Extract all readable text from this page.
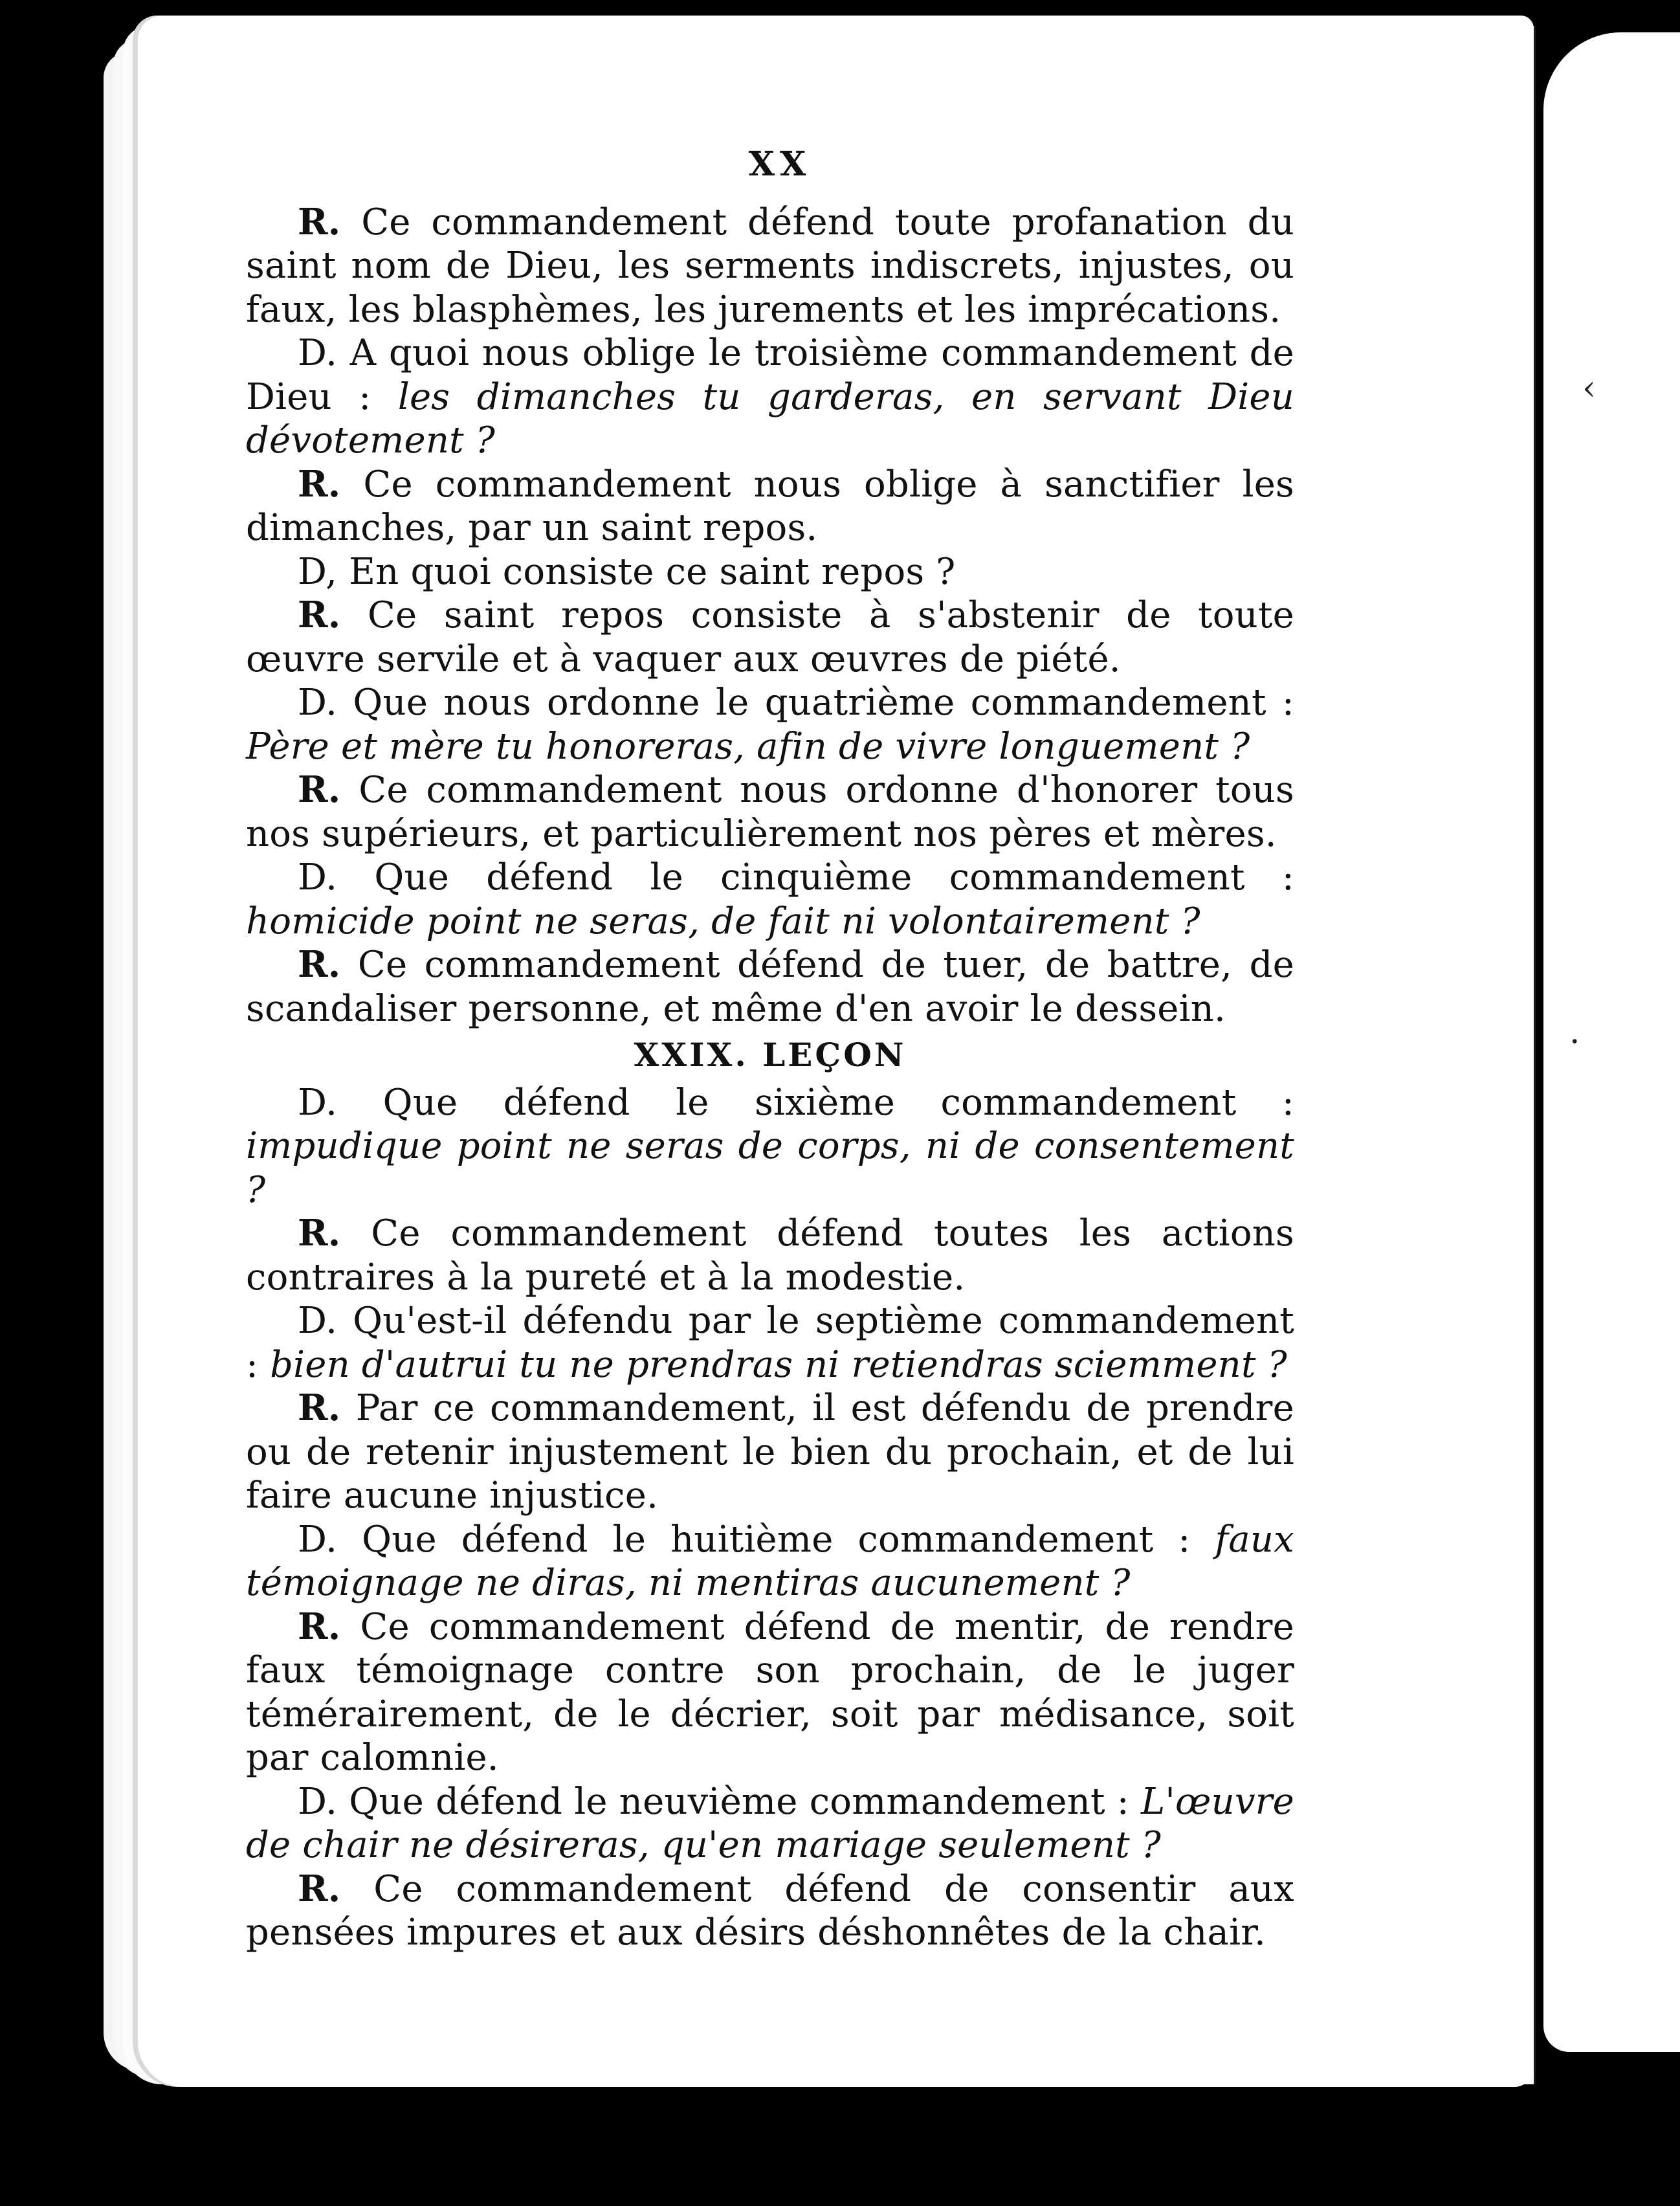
‹
·
XX

R. Ce commandement défend toute profanation du saint nom de Dieu, les serments indiscrets, injustes, ou faux, les blasphèmes, les jurements et les imprécations.

D. A quoi nous oblige le troisième commandement de Dieu : les dimanches tu garderas, en servant Dieu dévotement ?

R. Ce commandement nous oblige à sanctifier les dimanches, par un saint repos.

D, En quoi consiste ce saint repos ?

R. Ce saint repos consiste à s'abstenir de toute œuvre servile et à vaquer aux œuvres de piété.

D. Que nous ordonne le quatrième commandement : Père et mère tu honoreras, afin de vivre longuement ?

R. Ce commandement nous ordonne d'honorer tous nos supérieurs, et particulièrement nos pères et mères.

D. Que défend le cinquième commandement : homicide point ne seras, de fait ni volontairement ?

R. Ce commandement défend de tuer, de battre, de scandaliser personne, et même d'en avoir le dessein.

XXIX. LEÇON

D. Que défend le sixième commandement : impudique point ne seras de corps, ni de consentement ?

R. Ce commandement défend toutes les actions contraires à la pureté et à la modestie.

D. Qu'est-il défendu par le septième commandement : bien d'autrui tu ne prendras ni retiendras sciemment ?

R. Par ce commandement, il est défendu de prendre ou de retenir injustement le bien du prochain, et de lui faire aucune injustice.

D. Que défend le huitième commandement : faux témoignage ne diras, ni mentiras aucunement ?

R. Ce commandement défend de mentir, de rendre faux témoignage contre son prochain, de le juger témérairement, de le décrier, soit par médisance, soit par calomnie.

D. Que défend le neuvième commandement : L'œuvre de chair ne désireras, qu'en mariage seulement ?

R. Ce commandement défend de consentir aux pensées impures et aux désirs déshonnêtes de la chair.
